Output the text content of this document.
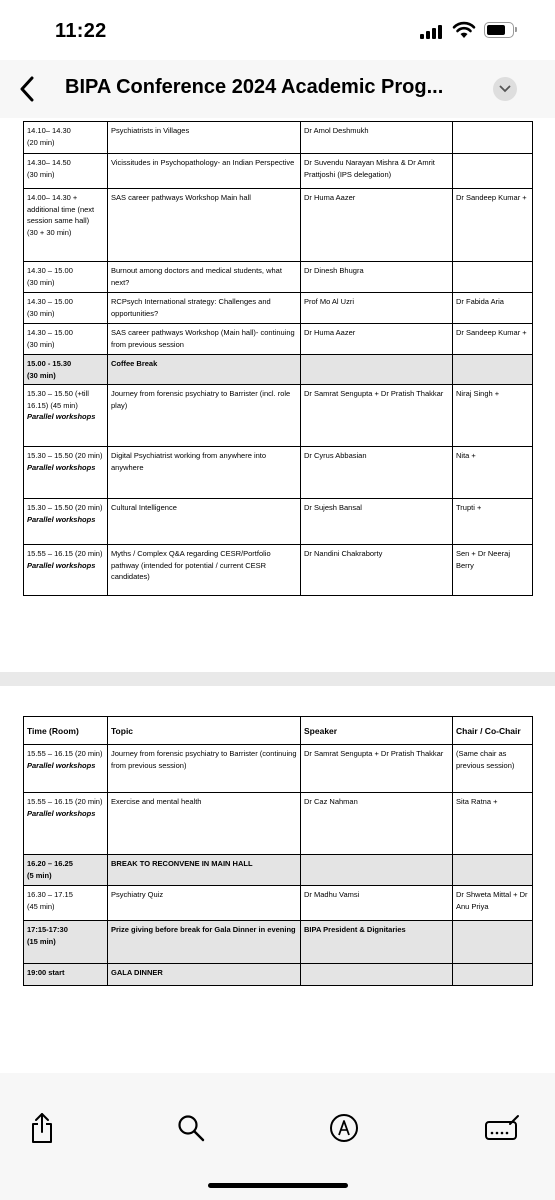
11:22
BIPA Conference 2024 Academic Prog...
14.10– 14.30
(20 min)	Psychiatrists in Villages	Dr Amol Deshmukh	
14.30– 14.50
(30 min)	Vicissitudes in Psychopathology- an Indian Perspective	Dr Suvendu Narayan Mishra & Dr Amrit Prattjoshi (IPS delegation)	
14.00– 14.30 + additional time (next session same hall)
(30 + 30 min)	SAS career pathways Workshop Main hall	Dr Huma Aazer	Dr Sandeep Kumar +
14.30 – 15.00
(30 min)	Burnout among doctors and medical students, what next?	Dr Dinesh Bhugra	
14.30 – 15.00
(30 min)	RCPsych International strategy: Challenges and opportunities?	Prof Mo Al Uzri	Dr Fabida Aria
14.30 – 15.00
(30 min)	SAS career pathways Workshop (Main hall)- continuing from previous session	Dr Huma Aazer	Dr Sandeep Kumar +
15.00 - 15.30
(30 min)	Coffee Break		
15.30 – 15.50 (+till 16.15) (45 min)
Parallel workshops	Journey from forensic psychiatry to Barrister (incl. role play)	Dr Samrat Sengupta + Dr Pratish Thakkar	Niraj Singh +
15.30 – 15.50 (20 min)
Parallel workshops	Digital Psychiatrist working from anywhere into anywhere	Dr Cyrus Abbasian	Nita +
15.30 – 15.50 (20 min)
Parallel workshops	Cultural Intelligence	Dr Sujesh Bansal	Trupti +
15.55 – 16.15 (20 min)
Parallel workshops	Myths / Complex Q&A regarding CESR/Portfolio pathway (intended for potential / current CESR candidates)	Dr Nandini Chakraborty	Sen + Dr Neeraj Berry
Time (Room)	Topic	Speaker	Chair / Co-Chair
15.55 – 16.15 (20 min)
Parallel workshops	Journey from forensic psychiatry to Barrister (continuing from previous session)	Dr Samrat Sengupta + Dr Pratish Thakkar	(Same chair as previous session)
15.55 – 16.15 (20 min)
Parallel workshops	Exercise and mental health	Dr Caz Nahman	Sita Ratna +
16.20 – 16.25
(5 min)	BREAK TO RECONVENE IN MAIN HALL		
16.30 – 17.15
(45 min)	Psychiatry Quiz	Dr Madhu Vamsi	Dr Shweta Mittal + Dr Anu Priya
17:15-17:30
(15 min)	Prize giving before break for Gala Dinner in evening	BIPA President & Dignitaries	
19:00 start	GALA DINNER		
